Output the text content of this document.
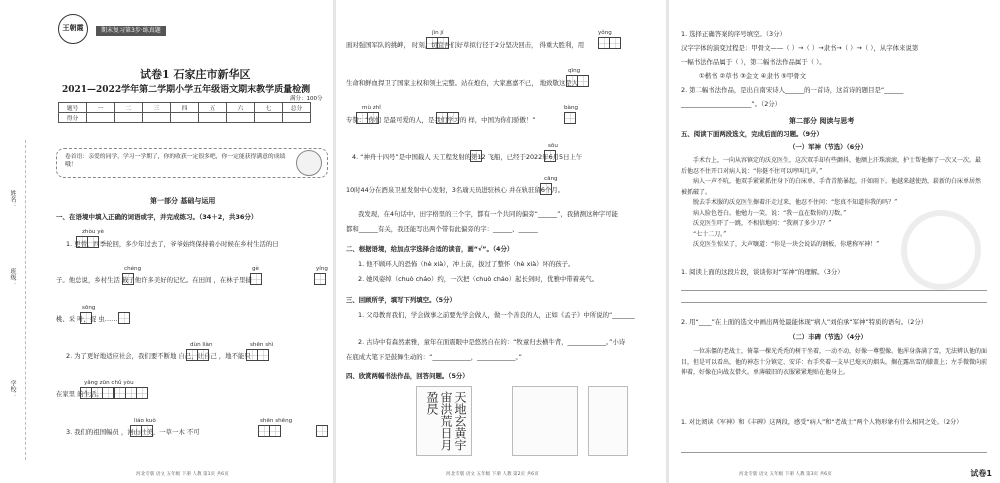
姓名：
班级：
学校：
王朝霞	期末复习第3步·练真题
试卷1 石家庄市新华区
2021—2022学年第二学期小学五年级语文期末教学质量检测
满分：100分
题号	一	二	三	四	五	六	七	总分
得分								
卷首语：亲爱的同学，学习一学期了，你的收获一定很多吧，你一定能获得满意的成绩哦！
第一部分 基础与运用
一、在语境中填入正确的词语或字，并完成练习。（34＋2，共36分）
zhòu yè
1. 更替，四季轮回，多少年过去了，爷爷始终保持着小时候在乡村生活的日
chéng	gè	yíng
子。他总说，乡村生活 载了他许多美好的记忆。在田间 ，在林子里捕
sōng
桃、采 叶，捉 虫……
dùn liàn	shēn shì
2. 为了更好地适应社会，我们要不断地 自己，让自己 ，地不能只
yǎng zūn chǔ yòu
在家里 的生活。
liáo kuò	shēn shēng
3. 我们的祖国幅员 ，河山壮美，一草一木 不可
河北专版 语文 五年级 下册 人教 第1页 共6页
jìn jí	yǒng
面对强国军队的挑衅， 时刻，切宜吾们好草拟行径于2分坚决回击， 得重大胜利，用
qīng
生命和鲜血捍卫了国家主权和领土完整。站在炮台，大家惠嘉不已， 地致敬这是人
mù zhǐ	bàng
专赞：“你们 是最可爱的人，是我们学习的 样，中国为你们骄傲！”
sōu
4. “神舟十四号”是中国载人 天工程发射的第12 飞船，已经于2022年6月5日上午
cāng
10时44分在酒泉卫星发射中心发射，3名瑜天员进驻核心 并在轨驻留6个月。
我发现，在4句话中，田字格里的三个字，都有一个共同的偏旁“______”，我猜测这种字可能
都和______有关，我还能写出两个带有此偏旁的字：______、______
二、根据语境，给加点字选择合适的读音，画“√”。（4分）
1. 他不顾环人的恐怖（hè xià），冲上前，拔过了整怀（hè xià）坏的孩子。
2. 她风姿绰（chuò cháo）约，一次把（chuò cháo）起长剑时，优雅中带着英气。
三、回顾所学，填写下列填空。（5分）
1. 父母教育我们，学会做事之前要先学会做人，做一个善良的人，正如《孟子》中所说的“_______
2. 古诗中有森然素雅，童年在面震眼中是悠然自在的：“牧童归去横牛背，____________。”小诗
在底成大笔下是鼓舞生动的：“____________，____________。”
四、欣赏两幅书法作品，回答问题。（5分）
天地玄黄宇宙洪荒日月盈昃
河北专版 语文 五年级 下册 人教 第2页 共6页
1. 选择正确答案的序号填空。（3分）
汉字字体的演变过程是：甲骨文——（ ）→（ ）→隶书→（ ）→（ ），从字体来说第
一幅书法作品属于（ ），第二幅书法作品属于（ ）。
①楷书 ②草书 ③金文 ④隶书 ⑤甲骨文
2. 第二幅书法作品，是出自南宋诗人______的一首诗，这首诗的题目是“______
______________________”。（2分）
第二部分 阅读与思考
五、阅读下面两段选文，完成后面的习题。（9分）
（一）军神（节选）（6分）

手术台上，一向从容镇定的沃克医生，这次双手却有些颤抖，他额上汗珠滚滚，护士帮他擦了一次又一次。最后他忍不住开口对病人说：“你挺不住可以哼叫几声。”

病人一声不吭，他双手紧紧抓住身下的白床单，手背青筋暴起，汗如雨下。他越来越使劲，崭新的白床单居然被抓破了。

脱去手术服的沃克医生擦着汗走过来，他忍不住问：“您真不知道你我的吗？”

病人脸色苍白。他勉力一笑，说：“我一直在数你的刀数。”

沃克医生吓了一跳，不相信地问：“我割了多少刀？”

“七十二刀。”

沃克医生惊呆了，大声嚷道：“你是一块会说话的钢板，你堪称军神！”

1. 阅读上面的这段片段，谈谈你对“军神”的理解。（3分）
2. 用“____”在上面的选文中画出两处最能体现“病人”刘伯承“军神”特质的语句。（2分）
（二）丰碑（节选）（4分）

一位冻僵的老战士，倚靠一棵光秃秃的树干坐着，一动不动，好像一尊塑像。他浑身落满了雪，无法辨认他的面目，但是可以看出，他的神态十分镇定、安详：右手夹着一支早已熄灭的烟头，搁在露出雪的膝盖上；左手微微向前伸着，好像在向战友借火。单薄破旧的衣服紧紧地贴在他身上。

1. 对比阅读《军神》和《丰碑》这两段，感受“病人”和“老战士”两个人物形象有什么相同之处。（2分）
河北专版 语文 五年级 下册 人教 第3页 共6页	试卷1
